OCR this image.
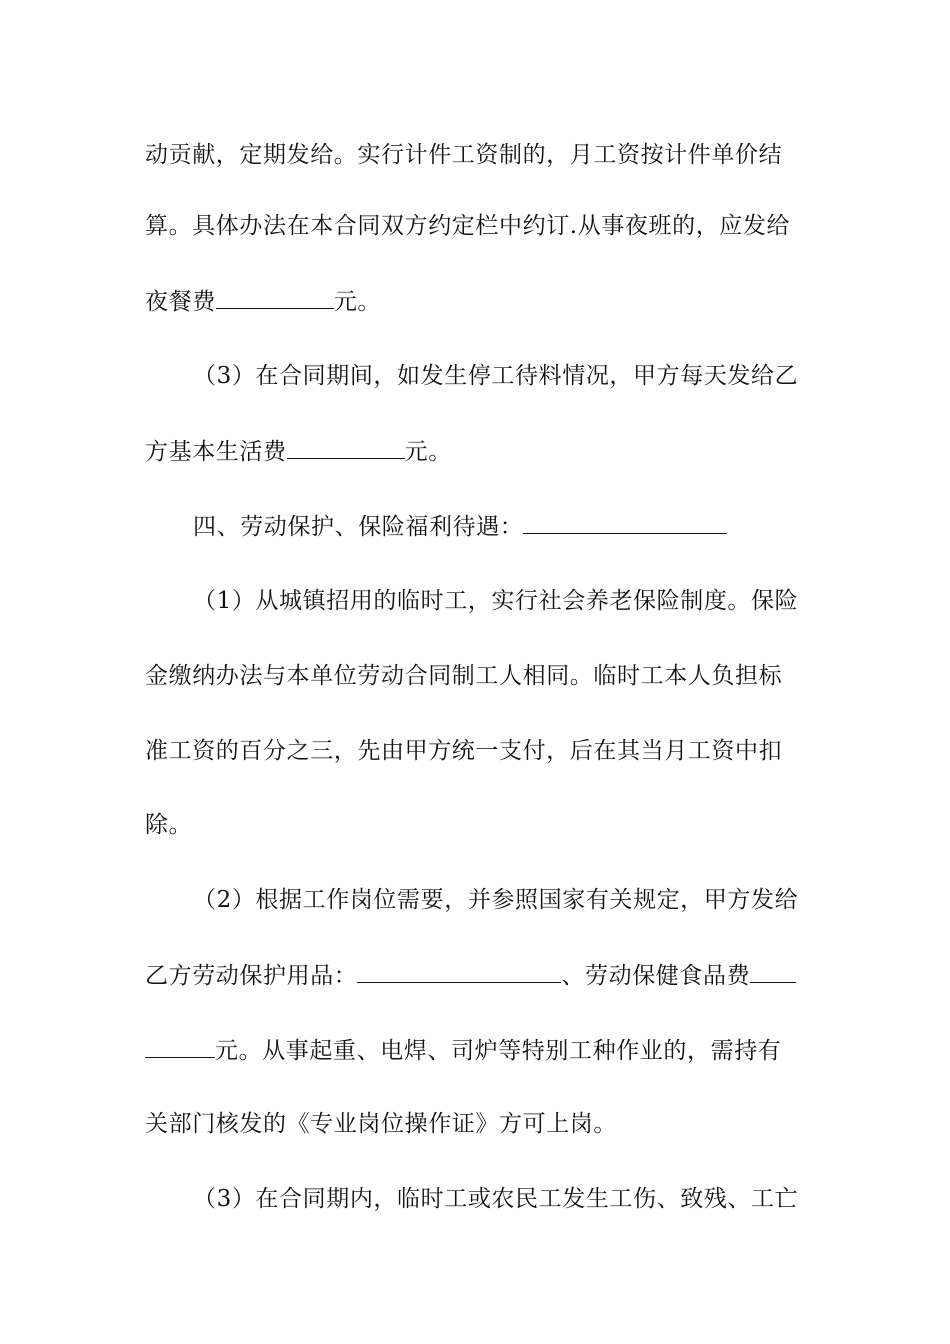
动贡献，定期发给。实行计件工资制的，月工资按计件单价结
算。具体办法在本合同双方约定栏中约订.从事夜班的，应发给
夜餐费	元。
（3）在合同期间，如发生停工待料情况，甲方每天发给乙
方基本生活费	元。
四、劳动保护、保险福利待遇：
（1）从城镇招用的临时工，实行社会养老保险制度。保险
金缴纳办法与本单位劳动合同制工人相同。临时工本人负担标
准工资的百分之三，先由甲方统一支付，后在其当月工资中扣
除。
（2）根据工作岗位需要，并参照国家有关规定，甲方发给
乙方劳动保护用品：	、劳动保健食品费
元。从事起重、电焊、司炉等特别工种作业的，需持有
关部门核发的《专业岗位操作证》方可上岗。
（3）在合同期内，临时工或农民工发生工伤、致残、工亡
